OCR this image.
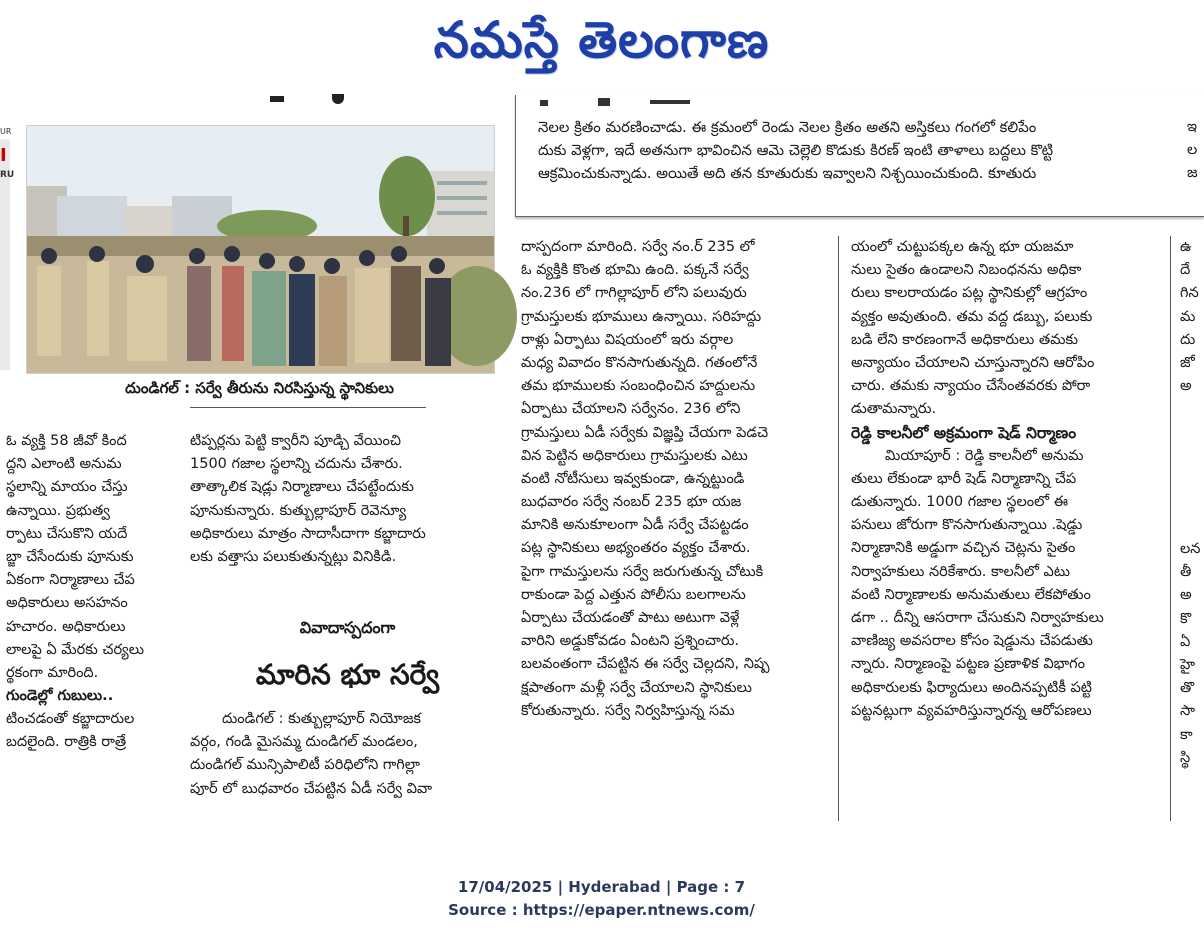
నమస్తే తెలంగాణ
UR
I
RU
దుండిగల్ : సర్వే తీరును నిరసిస్తున్న స్థానికులు
నెలల క్రితం మరణించాడు. ఈ క్రమంలో రెండు నెలల క్రితం అతని అస్తికలు గంగలో కలిపేం
దుకు వెళ్లగా, ఇదే అతనుగా భావించిన ఆమె చెల్లెలి కొడుకు కిరణ్ ఇంటి తాళాలు బద్దలు కొట్టి
ఆక్రమించుకున్నాడు. అయితే అది తన కూతురుకు ఇవ్వాలని నిశ్చయించుకుంది. కూతురు
ఇ
ల
జ
ఓ వ్యక్తి 58 జీవో కింద
ద్దని ఎలాంటి అనుమ
స్థలాన్ని మాయం చేస్తు
ఉన్నాయి. ప్రభుత్వ
ర్పాటు చేసుకొని యదే
బ్జా చేసేందుకు పూనుకు
ఏకంగా నిర్మాణాలు చేప
అధికారులు అసహనం
హచారం. అధికారులు
లాలపై ఏ మేరకు చర్యలు
ర్థకంగా మారింది.
గుండెల్లో గుబులు..
టించడంతో కబ్జాదారుల
బదలైంది. రాత్రికి రాత్రే
టిప్పర్లను పెట్టి క్వారీని పూడ్చి వేయించి
1500 గజాల స్థలాన్ని చదును చేశారు.
తాత్కాలిక షెడ్లు నిర్మాణాలు చేపట్టేందుకు
పూనుకున్నారు. కుత్బుల్లాపూర్ రెవెన్యూ
అధికారులు మాత్రం సాదాసీదాగా కబ్జాదారు
లకు వత్తాసు పలుకుతున్నట్లు వినికిడి.
వివాదాస్పదంగా
మారిన భూ సర్వే
దుండిగల్ : కుత్బుల్లాపూర్ నియోజక
వర్గం, గండి మైసమ్మ దుండిగల్ మండలం,
దుండిగల్ మున్సిపాలిటీ పరిధిలోని గాగిల్లా
పూర్ లో బుధవారం చేపట్టిన ఏడీ సర్వే వివా
దాస్పదంగా మారింది. సర్వే నం.ర్ 235 లో
ఓ వ్యక్తికి కొంత భూమి ఉంది. పక్కనే సర్వే
నం.236 లో గాగిల్లాపూర్ లోని పలువురు
గ్రామస్తులకు భూములు ఉన్నాయి. సరిహద్దు
రాళ్లు ఏర్పాటు విషయంలో ఇరు వర్గాల
మధ్య వివాదం కొనసాగుతున్నది. గతంలోనే
తమ భూములకు సంబంధించిన హద్దులను
ఏర్పాటు చేయాలని సర్వేనం. 236 లోని
గ్రామస్తులు ఏడీ సర్వేకు విజ్ఞప్తి చేయగా పెడచె
విన పెట్టిన అధికారులు గ్రామస్తులకు ఎటు
వంటి నోటీసులు ఇవ్వకుండా, ఉన్నట్టుండి
బుధవారం సర్వే నంబర్ 235 భూ యజ
మానికి అనుకూలంగా ఏడీ సర్వే చేపట్టడం
పట్ల స్థానికులు అభ్యంతరం వ్యక్తం చేశారు.
పైగా గామస్తులను సర్వే జరుగుతున్న చోటుకి
రాకుండా పెద్ద ఎత్తున పోలీసు బలగాలను
ఏర్పాటు చేయడంతో పాటు అటుగా వెళ్లే
వారిని అడ్డుకోవడం ఏంటని ప్రశ్నించారు.
బలవంతంగా చేపట్టిన ఈ సర్వే చెల్లదని, నిష్ప
క్షపాతంగా మళ్లీ సర్వే చేయాలని స్థానికులు
కోరుతున్నారు. సర్వే నిర్వహిస్తున్న సమ
యంలో చుట్టుపక్కల ఉన్న భూ యజమా
నులు సైతం ఉండాలని నిబంధనను అధికా
రులు కాలరాయడం పట్ల స్థానికుల్లో ఆగ్రహం
వ్యక్తం అవుతుంది. తమ వద్ద డబ్బు, పలుకు
బడి లేని కారణంగానే అధికారులు తమకు
అన్యాయం చేయాలని చూస్తున్నారని ఆరోపిం
చారు. తమకు న్యాయం చేసేంతవరకు పోరా
డుతామన్నారు.
రెడ్డి కాలనీలో అక్రమంగా షెడ్ నిర్మాణం
మియాపూర్ : రెడ్డి కాలనీలో అనుమ
తులు లేకుండా భారీ షెడ్ నిర్మాణాన్ని చేప
డుతున్నారు. 1000 గజాల స్థలంలో ఈ
పనులు జోరుగా కొనసాగుతున్నాయి .షెడ్డు
నిర్మాణానికి అడ్డుగా వచ్చిన చెట్లను సైతం
నిర్వాహకులు నరికేశారు. కాలనీలో ఎటు
వంటి నిర్మాణాలకు అనుమతులు లేకపోతుం
డగా .. దీన్ని ఆసరాగా చేసుకుని నిర్వాహకులు
వాణిజ్య అవసరాల కోసం షెడ్డును చేపడుతు
న్నారు. నిర్మాణంపై పట్టణ ప్రణాళిక విభాగం
అధికారులకు ఫిర్యాదులు అందినప్పటికీ పట్టి
పట్టనట్లుగా వ్యవహరిస్తున్నారన్న ఆరోపణలు
ఉ
దే
గిన
మ
దు
జో
అ
లన
తీ
అ
కొ
ఏ
హై
తొ
సా
కా
స్థి
17/04/2025 | Hyderabad | Page : 7
Source : https://epaper.ntnews.com/
